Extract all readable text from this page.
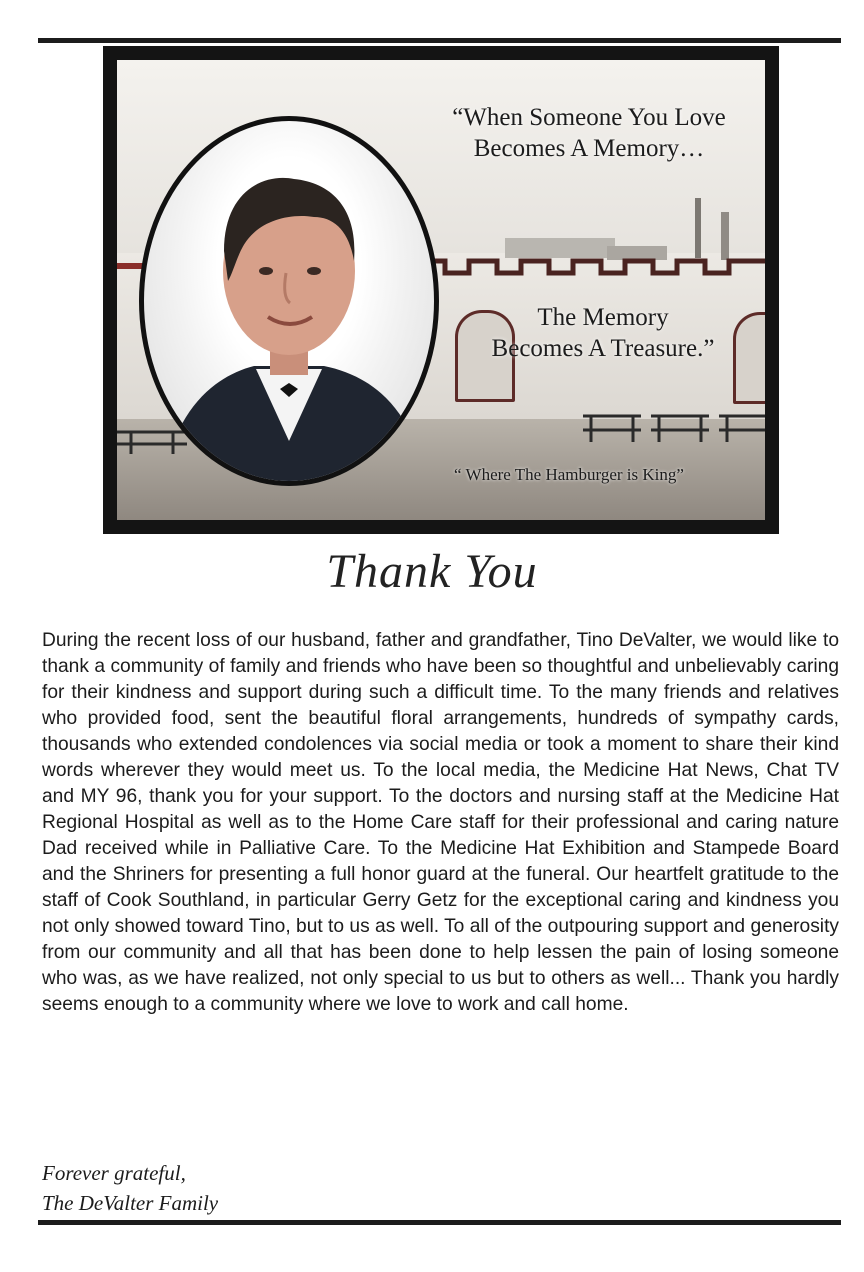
“When Someone You Love
Becomes A Memory…
The Memory
Becomes A Treasure.”
“ Where The Hamburger is King”
Thank You
During the recent loss of our husband, father and grandfather, Tino DeValter, we would like to thank a community of family and friends who have been so thoughtful and unbelievably caring for their kindness and support during such a difficult time. To the many friends and relatives who provided food, sent the beautiful floral arrangements, hundreds of sympathy cards, thousands who extended condolences via social media or took a moment to share their kind words wherever they would meet us. To the local media, the Medicine Hat News, Chat TV and MY 96, thank you for your support. To the doctors and nursing staff at the Medicine Hat Regional Hospital as well as to the Home Care staff for their professional and caring nature Dad received while in Palliative Care. To the Medicine Hat Exhibition and Stampede Board and the Shriners for presenting a full honor guard at the funeral. Our heartfelt gratitude to the staff of Cook Southland, in particular Gerry Getz for the exceptional caring and kindness you not only showed toward Tino, but to us as well. To all of the outpouring support and generosity from our community and all that has been done to help lessen the pain of losing someone who was, as we have realized, not only special to us but to others as well... Thank you hardly seems enough to a community where we love to work and call home.
Forever grateful,
The DeValter Family
